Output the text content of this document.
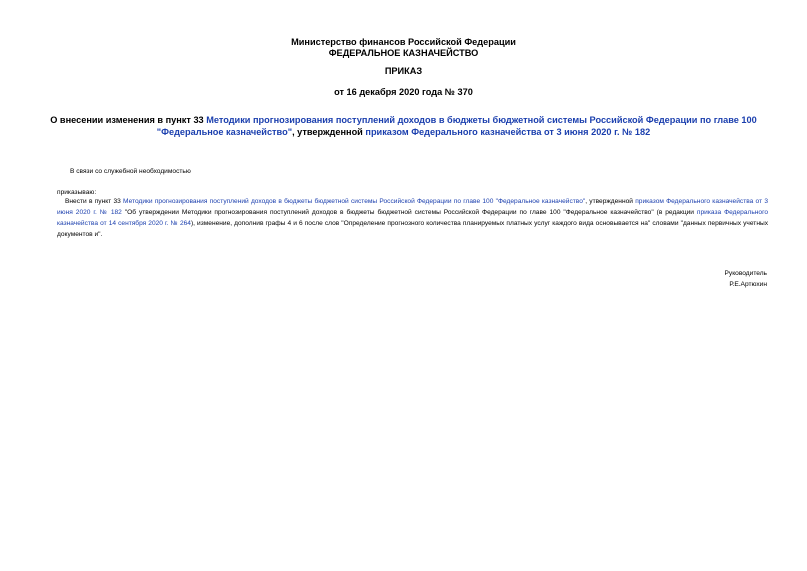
Министерство финансов Российской Федерации
ФЕДЕРАЛЬНОЕ КАЗНАЧЕЙСТВО
ПРИКАЗ
от 16 декабря 2020 года № 370
О внесении изменения в пункт 33 Методики прогнозирования поступлений доходов в бюджеты бюджетной системы Российской Федерации по главе 100 "Федеральное казначейство", утвержденной приказом Федерального казначейства от 3 июня 2020 г. № 182
В связи со служебной необходимостью
приказываю:
Внести в пункт 33 Методики прогнозирования поступлений доходов в бюджеты бюджетной системы Российской Федерации по главе 100 "Федеральное казначейство", утвержденной приказом Федерального казначейства от 3 июня 2020 г. № 182 "Об утверждении Методики прогнозирования поступлений доходов в бюджеты бюджетной системы Российской Федерации по главе 100 "Федеральное казначейство" (в редакции приказа Федерального казначейства от 14 сентября 2020 г. № 264), изменение, дополнив графы 4 и 6 после слов "Определение прогнозного количества планируемых платных услуг каждого вида основывается на" словами "данных первичных учетных документов и".
Руководитель
Р.Е.Артюхин
